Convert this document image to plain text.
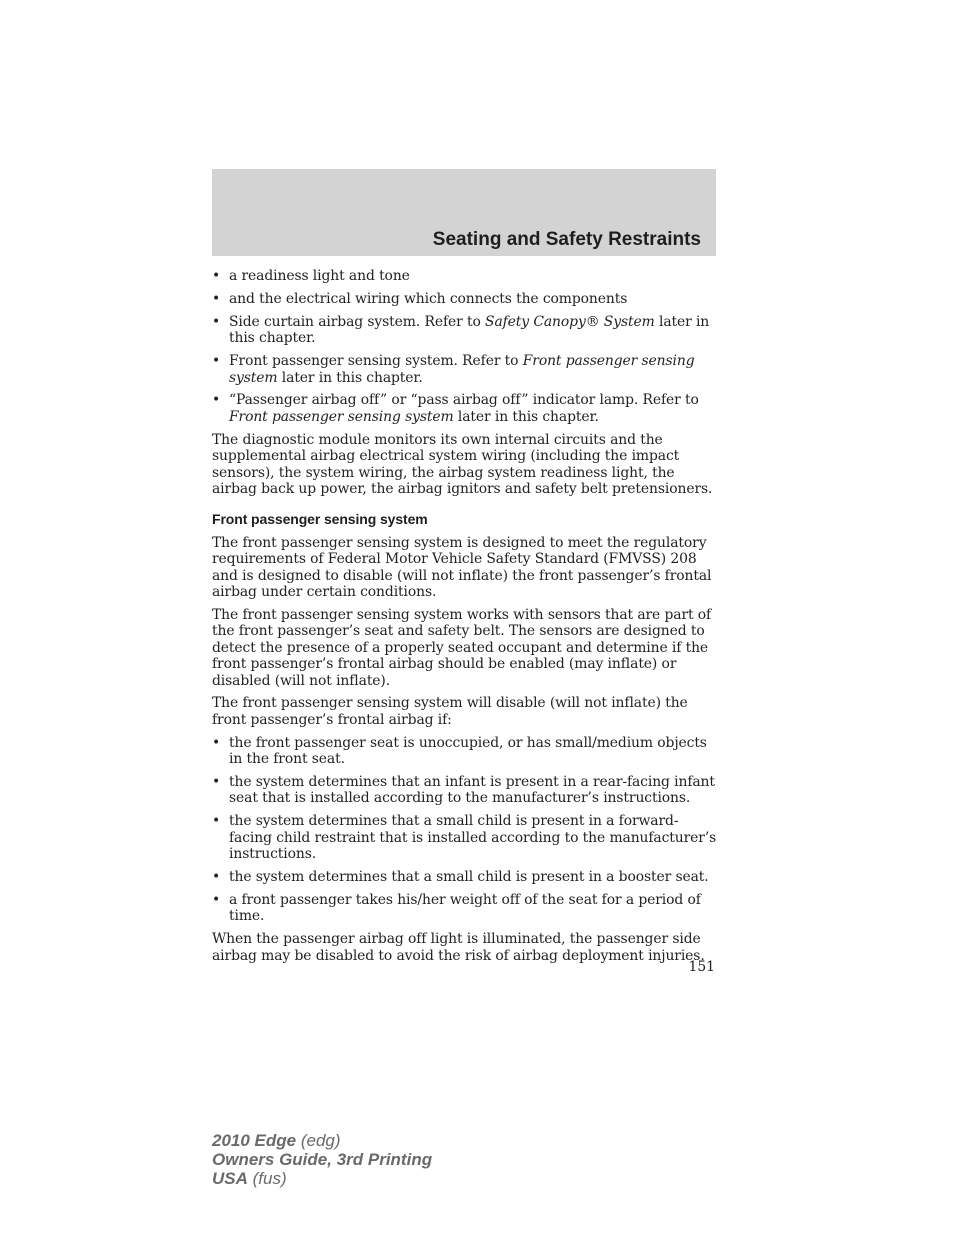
Seating and Safety Restraints
• a readiness light and tone
• and the electrical wiring which connects the components
• Side curtain airbag system. Refer to Safety Canopy® System later in this chapter.
• Front passenger sensing system. Refer to Front passenger sensing system later in this chapter.
• “Passenger airbag off” or “pass airbag off” indicator lamp. Refer to Front passenger sensing system later in this chapter.

The diagnostic module monitors its own internal circuits and the supplemental airbag electrical system wiring (including the impact sensors), the system wiring, the airbag system readiness light, the airbag back up power, the airbag ignitors and safety belt pretensioners.

Front passenger sensing system

The front passenger sensing system is designed to meet the regulatory requirements of Federal Motor Vehicle Safety Standard (FMVSS) 208 and is designed to disable (will not inflate) the front passenger’s frontal airbag under certain conditions.

The front passenger sensing system works with sensors that are part of the front passenger’s seat and safety belt. The sensors are designed to detect the presence of a properly seated occupant and determine if the front passenger’s frontal airbag should be enabled (may inflate) or disabled (will not inflate).

The front passenger sensing system will disable (will not inflate) the front passenger’s frontal airbag if:

• the front passenger seat is unoccupied, or has small/medium objects in the front seat.
• the system determines that an infant is present in a rear-facing infant seat that is installed according to the manufacturer’s instructions.
• the system determines that a small child is present in a forward-facing child restraint that is installed according to the manufacturer’s instructions.
• the system determines that a small child is present in a booster seat.
• a front passenger takes his/her weight off of the seat for a period of time.

When the passenger airbag off light is illuminated, the passenger side airbag may be disabled to avoid the risk of airbag deployment injuries.

151
2010 Edge (edg)
Owners Guide, 3rd Printing
USA (fus)
